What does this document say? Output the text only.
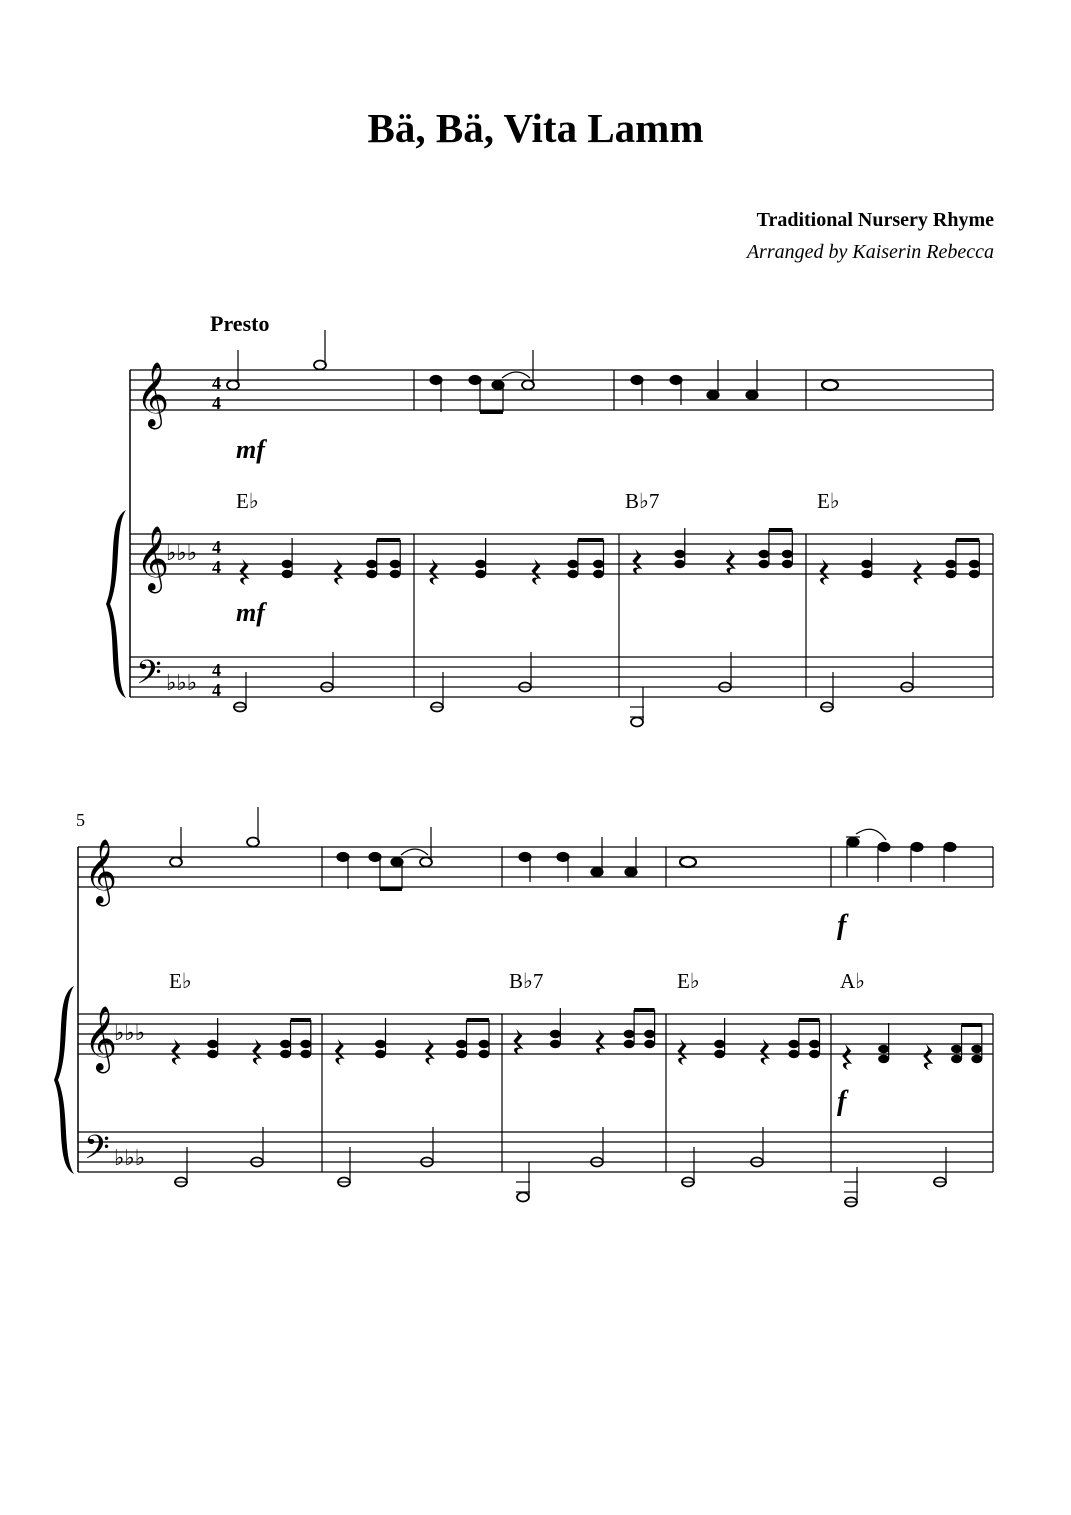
Bä, Bä, Vita Lamm
Traditional Nursery Rhyme
Arranged by Kaiserin Rebecca
Presto
𝄞 4
4
mf
E♭	B♭7	E♭
𝄞
♭♭♭ 4
4
mf
𝄢 ♭♭♭
4
4
5
𝄞
f
E♭	B♭7	E♭	A♭
𝄞
♭♭♭
f
𝄢 ♭♭♭
